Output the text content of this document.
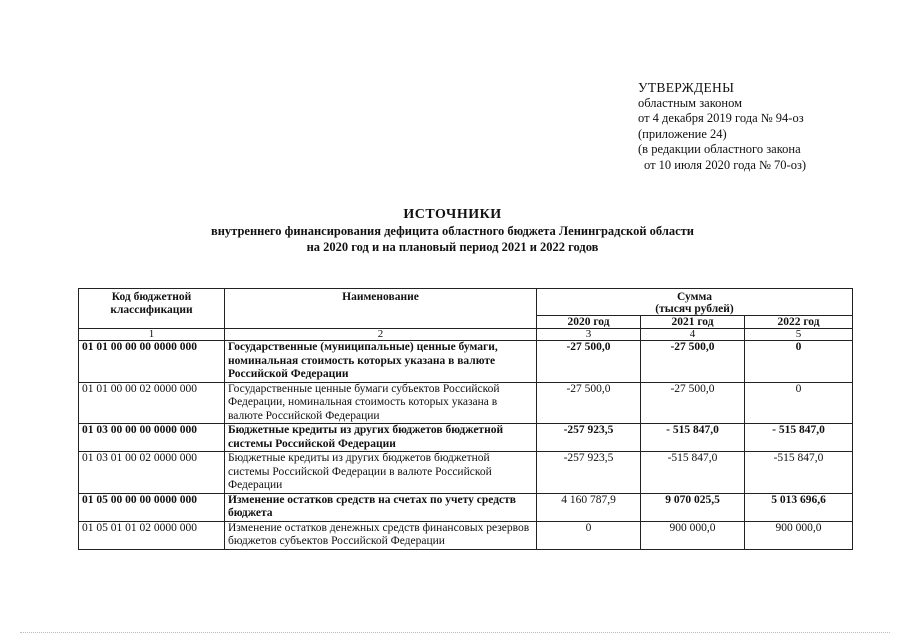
УТВЕРЖДЕНЫ
областным законом
от 4 декабря 2019 года № 94-оз
(приложение 24)
(в редакции областного закона
от 10 июля 2020 года № 70-оз)
ИСТОЧНИКИ
внутреннего финансирования дефицита областного бюджета Ленинградской области
на 2020 год и на плановый период 2021 и 2022 годов
Код бюджетной классификации	Наименование	Сумма
(тысяч рублей)		

		2020 год	2021 год	2022 год
1	2	3	4	5
01 01 00 00 00 0000 000	Государственные (муниципальные) ценные бумаги, номинальная стоимость которых указана в валюте Российской Федерации	-27 500,0	-27 500,0	0
01 01 00 00 02 0000 000	Государственные ценные бумаги субъектов Российской Федерации, номинальная стоимость которых указана в валюте Российской Федерации	-27 500,0	-27 500,0	0
01 03 00 00 00 0000 000	Бюджетные кредиты из других бюджетов бюджетной системы Российской Федерации	-257 923,5	- 515 847,0	- 515 847,0
01 03 01 00 02 0000 000	Бюджетные кредиты из других бюджетов бюджетной системы Российской Федерации в валюте Российской Федерации	-257 923,5	-515 847,0	-515 847,0
01 05 00 00 00 0000 000	Изменение остатков средств на счетах по учету средств бюджета	4 160 787,9	9 070 025,5	5 013 696,6
01 05 01 01 02 0000 000	Изменение остатков денежных средств финансовых резервов бюджетов субъектов Российской Федерации	0	900 000,0	900 000,0
